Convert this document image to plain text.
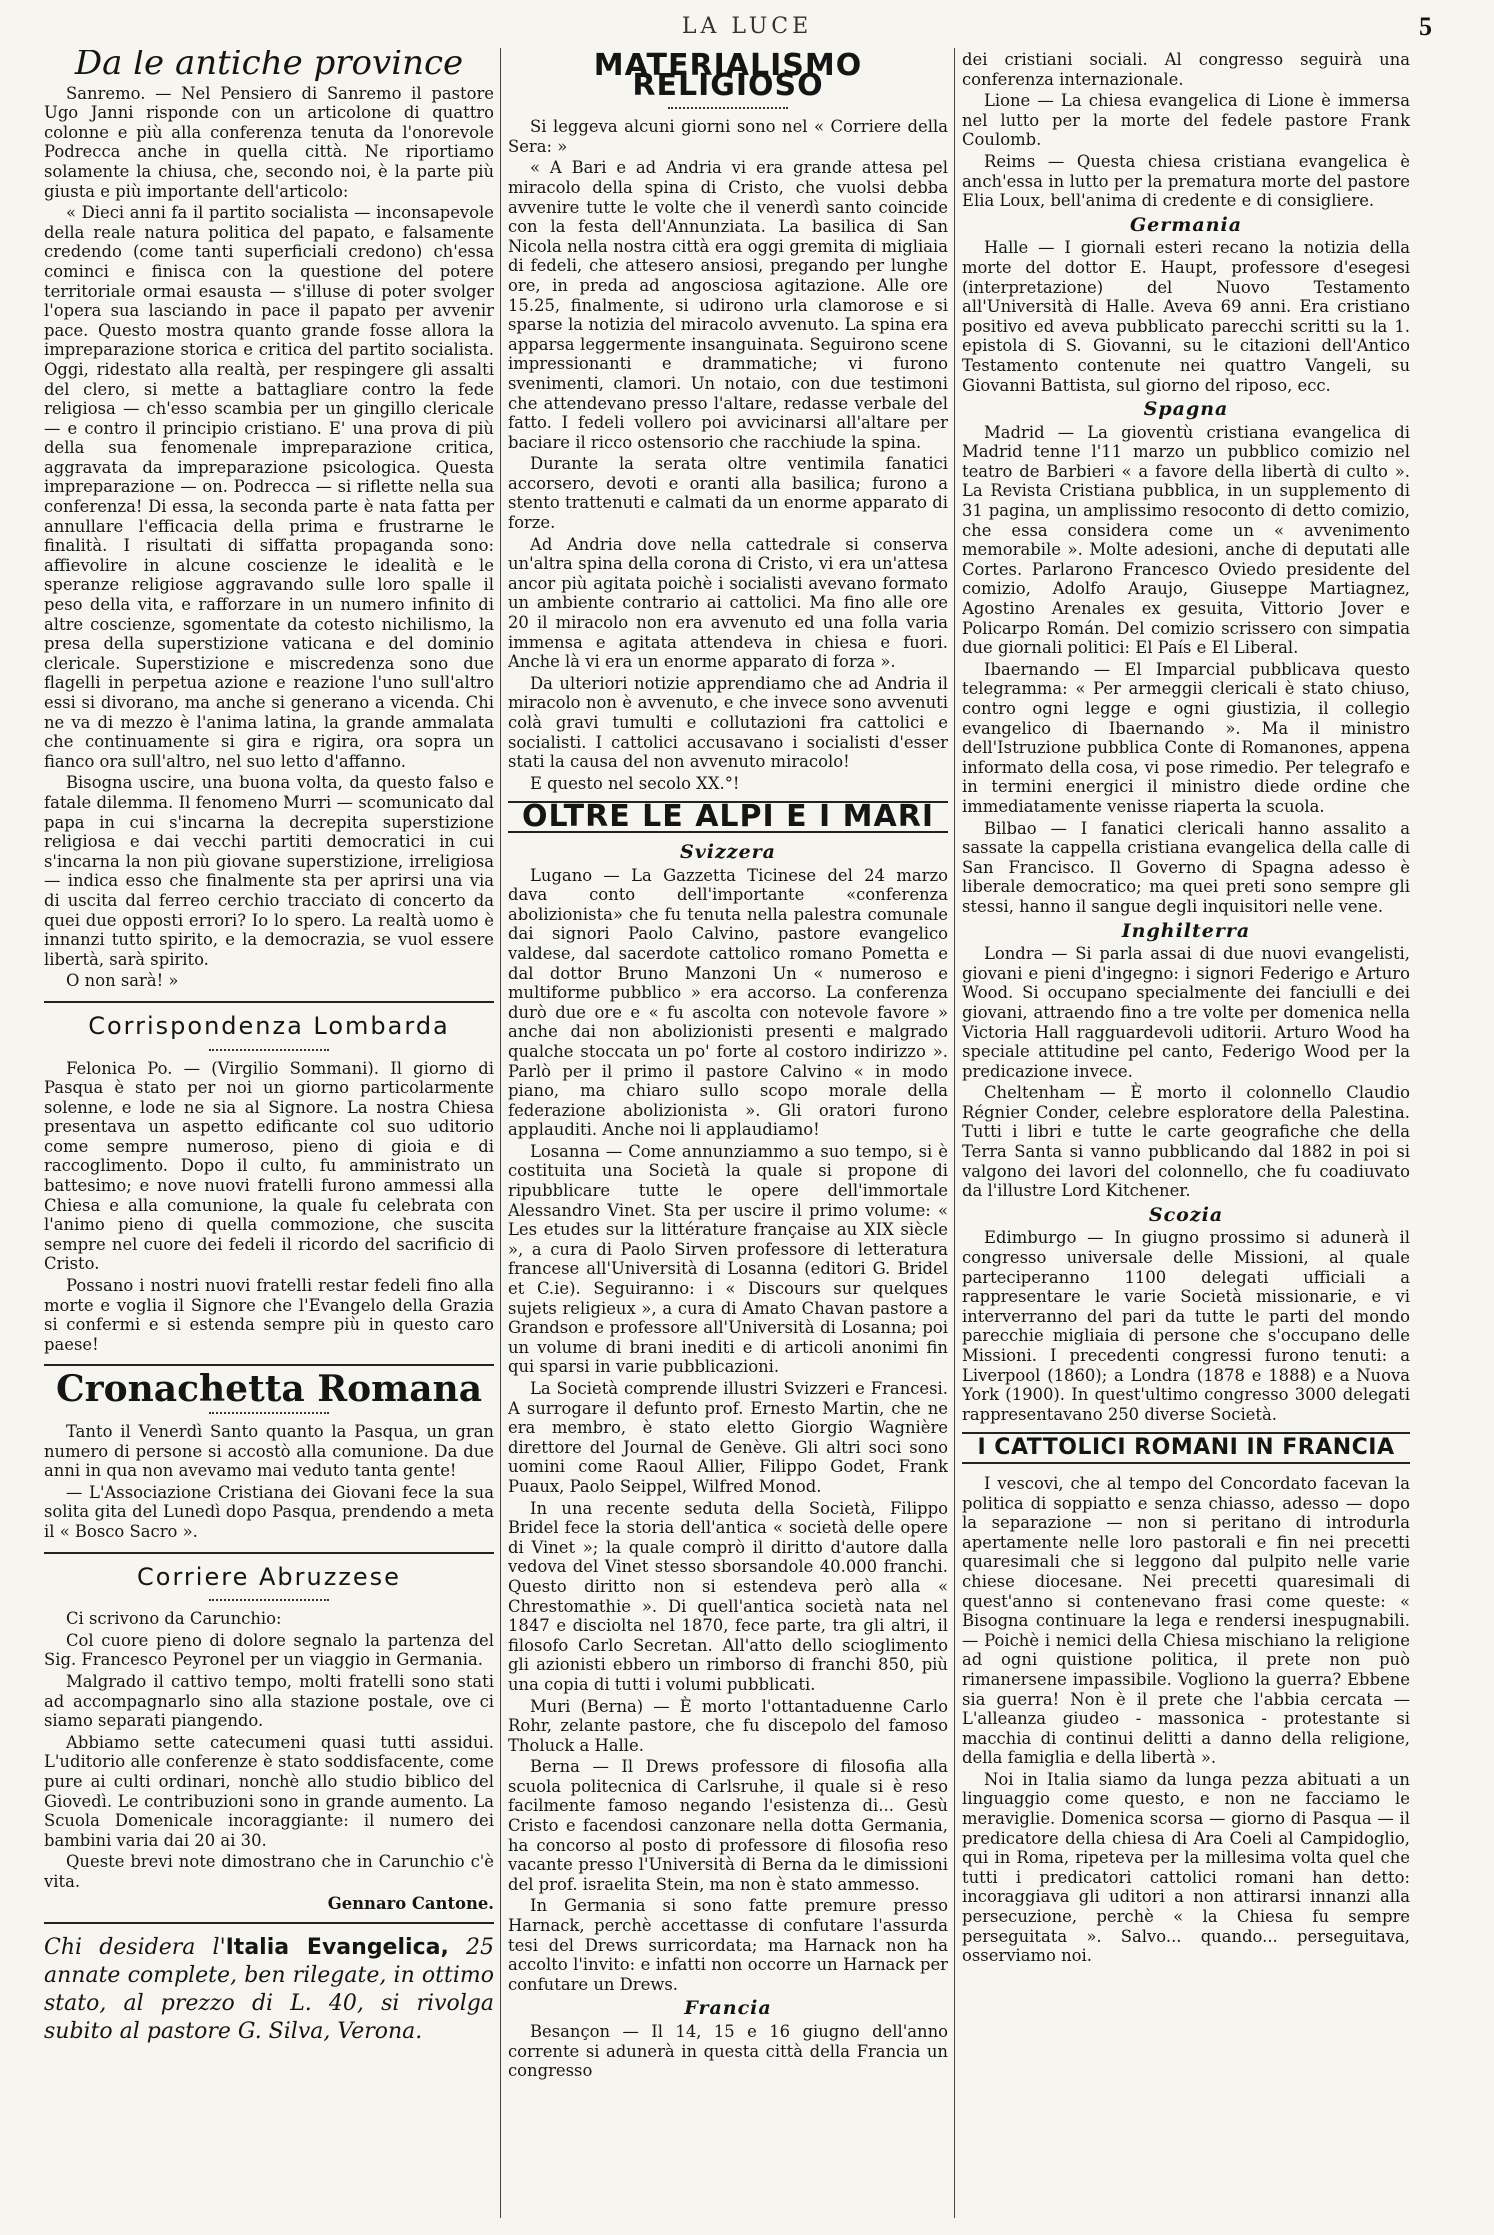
LA LUCE	5
Da le antiche province

Sanremo. — Nel Pensiero di Sanremo il pastore Ugo Janni risponde con un articolone di quattro colonne e più alla conferenza tenuta da l'onorevole Podrecca anche in quella città. Ne riportiamo solamente la chiusa, che, secondo noi, è la parte più giusta e più importante dell'articolo:

« Dieci anni fa il partito socialista — inconsapevole della reale natura politica del papato, e falsamente credendo (come tanti superficiali credono) ch'essa cominci e finisca con la questione del potere territoriale ormai esausta — s'illuse di poter svolger l'opera sua lasciando in pace il papato per avvenir pace. Questo mostra quanto grande fosse allora la impreparazione storica e critica del partito socialista. Oggi, ridestato alla realtà, per respingere gli assalti del clero, si mette a battagliare contro la fede religiosa — ch'esso scambia per un gingillo clericale — e contro il principio cristiano. E' una prova di più della sua fenomenale impreparazione critica, aggravata da impreparazione psicologica. Questa impreparazione — on. Podrecca — si riflette nella sua conferenza! Di essa, la seconda parte è nata fatta per annullare l'efficacia della prima e frustrarne le finalità. I risultati di siffatta propaganda sono: affievolire in alcune coscienze le idealità e le speranze religiose aggravando sulle loro spalle il peso della vita, e rafforzare in un numero infinito di altre coscienze, sgomentate da cotesto nichilismo, la presa della superstizione vaticana e del dominio clericale. Superstizione e miscredenza sono due flagelli in perpetua azione e reazione l'uno sull'altro essi si divorano, ma anche si generano a vicenda. Chi ne va di mezzo è l'anima latina, la grande ammalata che continuamente si gira e rigira, ora sopra un fianco ora sull'altro, nel suo letto d'affanno.

Bisogna uscire, una buona volta, da questo falso e fatale dilemma. Il fenomeno Murri — scomunicato dal papa in cui s'incarna la decrepita superstizione religiosa e dai vecchi partiti democratici in cui s'incarna la non più giovane superstizione, irreligiosa — indica esso che finalmente sta per aprirsi una via di uscita dal ferreo cerchio tracciato di concerto da quei due opposti errori? Io lo spero. La realtà uomo è innanzi tutto spirito, e la democrazia, se vuol essere libertà, sarà spirito.

O non sarà! »

Corrispondenza Lombarda

Felonica Po. — (Virgilio Sommani). Il giorno di Pasqua è stato per noi un giorno particolarmente solenne, e lode ne sia al Signore. La nostra Chiesa presentava un aspetto edificante col suo uditorio come sempre numeroso, pieno di gioia e di raccoglimento. Dopo il culto, fu amministrato un battesimo; e nove nuovi fratelli furono ammessi alla Chiesa e alla comunione, la quale fu celebrata con l'animo pieno di quella commozione, che suscita sempre nel cuore dei fedeli il ricordo del sacrificio di Cristo.

Possano i nostri nuovi fratelli restar fedeli fino alla morte e voglia il Signore che l'Evangelo della Grazia si confermi e si estenda sempre più in questo caro paese!

Cronachetta Romana

Tanto il Venerdì Santo quanto la Pasqua, un gran numero di persone si accostò alla comunione. Da due anni in qua non avevamo mai veduto tanta gente!

— L'Associazione Cristiana dei Giovani fece la sua solita gita del Lunedì dopo Pasqua, prendendo a meta il « Bosco Sacro ».

Corriere Abruzzese

Ci scrivono da Carunchio:

Col cuore pieno di dolore segnalo la partenza del Sig. Francesco Peyronel per un viaggio in Germania.

Malgrado il cattivo tempo, molti fratelli sono stati ad accompagnarlo sino alla stazione postale, ove ci siamo separati piangendo.

Abbiamo sette catecumeni quasi tutti assidui. L'uditorio alle conferenze è stato soddisfacente, come pure ai culti ordinari, nonchè allo studio biblico del Giovedì. Le contribuzioni sono in grande aumento. La Scuola Domenicale incoraggiante: il numero dei bambini varia dai 20 ai 30.

Queste brevi note dimostrano che in Carunchio c'è vita.

Gennaro Cantone.
Chi desidera l'Italia Evangelica, 25 annate complete, ben rilegate, in ottimo stato, al prezzo di L. 40, si rivolga subito al pastore G. Silva, Verona.
MATERIALISMO RELIGIOSO

Si leggeva alcuni giorni sono nel « Corriere della Sera: »

« A Bari e ad Andria vi era grande attesa pel miracolo della spina di Cristo, che vuolsi debba avvenire tutte le volte che il venerdì santo coincide con la festa dell'Annunziata. La basilica di San Nicola nella nostra città era oggi gremita di migliaia di fedeli, che attesero ansiosi, pregando per lunghe ore, in preda ad angosciosa agitazione. Alle ore 15.25, finalmente, si udirono urla clamorose e si sparse la notizia del miracolo avvenuto. La spina era apparsa leggermente insanguinata. Seguirono scene impressionanti e drammatiche; vi furono svenimenti, clamori. Un notaio, con due testimoni che attendevano presso l'altare, redasse verbale del fatto. I fedeli vollero poi avvicinarsi all'altare per baciare il ricco ostensorio che racchiude la spina.

Durante la serata oltre ventimila fanatici accorsero, devoti e oranti alla basilica; furono a stento trattenuti e calmati da un enorme apparato di forze.

Ad Andria dove nella cattedrale si conserva un'altra spina della corona di Cristo, vi era un'attesa ancor più agitata poichè i socialisti avevano formato un ambiente contrario ai cattolici. Ma fino alle ore 20 il miracolo non era avvenuto ed una folla varia immensa e agitata attendeva in chiesa e fuori. Anche là vi era un enorme apparato di forza ».

Da ulteriori notizie apprendiamo che ad Andria il miracolo non è avvenuto, e che invece sono avvenuti colà gravi tumulti e collutazioni fra cattolici e socialisti. I cattolici accusavano i socialisti d'esser stati la causa del non avvenuto miracolo!

E questo nel secolo XX.°!

OLTRE LE ALPI E I MARI
Svizzera

Lugano — La Gazzetta Ticinese del 24 marzo dava conto dell'importante «conferenza abolizionista» che fu tenuta nella palestra comunale dai signori Paolo Calvino, pastore evangelico valdese, dal sacerdote cattolico romano Pometta e dal dottor Bruno Manzoni Un « numeroso e multiforme pubblico » era accorso. La conferenza durò due ore e « fu ascolta con notevole favore » anche dai non abolizionisti presenti e malgrado qualche stoccata un po' forte al costoro indirizzo ». Parlò per il primo il pastore Calvino « in modo piano, ma chiaro sullo scopo morale della federazione abolizionista ». Gli oratori furono applauditi. Anche noi li applaudiamo!

Losanna — Come annunziammo a suo tempo, si è costituita una Società la quale si propone di ripubblicare tutte le opere dell'immortale Alessandro Vinet. Sta per uscire il primo volume: « Les etudes sur la littérature française au XIX siècle », a cura di Paolo Sirven professore di letteratura francese all'Università di Losanna (editori G. Bridel et C.ie). Seguiranno: i « Discours sur quelques sujets religieux », a cura di Amato Chavan pastore a Grandson e professore all'Università di Losanna; poi un volume di brani inediti e di articoli anonimi fin qui sparsi in varie pubblicazioni.

La Società comprende illustri Svizzeri e Francesi. A surrogare il defunto prof. Ernesto Martin, che ne era membro, è stato eletto Giorgio Wagnière direttore del Journal de Genève. Gli altri soci sono uomini come Raoul Allier, Filippo Godet, Frank Puaux, Paolo Seippel, Wilfred Monod.

In una recente seduta della Società, Filippo Bridel fece la storia dell'antica « società delle opere di Vinet »; la quale comprò il diritto d'autore dalla vedova del Vinet stesso sborsandole 40.000 franchi. Questo diritto non si estendeva però alla « Chrestomathie ». Di quell'antica società nata nel 1847 e disciolta nel 1870, fece parte, tra gli altri, il filosofo Carlo Secretan. All'atto dello scioglimento gli azionisti ebbero un rimborso di franchi 850, più una copia di tutti i volumi pubblicati.

Muri (Berna) — È morto l'ottantaduenne Carlo Rohr, zelante pastore, che fu discepolo del famoso Tholuck a Halle.

Berna — Il Drews professore di filosofia alla scuola politecnica di Carlsruhe, il quale si è reso facilmente famoso negando l'esistenza di... Gesù Cristo e facendosi canzonare nella dotta Germania, ha concorso al posto di professore di filosofia reso vacante presso l'Università di Berna da le dimissioni del prof. israelita Stein, ma non è stato ammesso.

In Germania si sono fatte premure presso Harnack, perchè accettasse di confutare l'assurda tesi del Drews surricordata; ma Harnack non ha accolto l'invito: e infatti non occorre un Harnack per confutare un Drews.

Francia

Besançon — Il 14, 15 e 16 giugno dell'anno corrente si adunerà in questa città della Francia un congresso

dei cristiani sociali. Al congresso seguirà una conferenza internazionale.

Lione — La chiesa evangelica di Lione è immersa nel lutto per la morte del fedele pastore Frank Coulomb.

Reims — Questa chiesa cristiana evangelica è anch'essa in lutto per la prematura morte del pastore Elia Loux, bell'anima di credente e di consigliere.

Germania

Halle — I giornali esteri recano la notizia della morte del dottor E. Haupt, professore d'esegesi (interpretazione) del Nuovo Testamento all'Università di Halle. Aveva 69 anni. Era cristiano positivo ed aveva pubblicato parecchi scritti su la 1. epistola di S. Giovanni, su le citazioni dell'Antico Testamento contenute nei quattro Vangeli, su Giovanni Battista, sul giorno del riposo, ecc.

Spagna

Madrid — La gioventù cristiana evangelica di Madrid tenne l'11 marzo un pubblico comizio nel teatro de Barbieri « a favore della libertà di culto ». La Revista Cristiana pubblica, in un supplemento di 31 pagina, un amplissimo resoconto di detto comizio, che essa considera come un « avvenimento memorabile ». Molte adesioni, anche di deputati alle Cortes. Parlarono Francesco Oviedo presidente del comizio, Adolfo Araujo, Giuseppe Martiagnez, Agostino Arenales ex gesuita, Vittorio Jover e Policarpo Román. Del comizio scrissero con simpatia due giornali politici: El País e El Liberal.

Ibaernando — El Imparcial pubblicava questo telegramma: « Per armeggii clericali è stato chiuso, contro ogni legge e ogni giustizia, il collegio evangelico di Ibaernando ». Ma il ministro dell'Istruzione pubblica Conte di Romanones, appena informato della cosa, vi pose rimedio. Per telegrafo e in termini energici il ministro diede ordine che immediatamente venisse riaperta la scuola.

Bilbao — I fanatici clericali hanno assalito a sassate la cappella cristiana evangelica della calle di San Francisco. Il Governo di Spagna adesso è liberale democratico; ma quei preti sono sempre gli stessi, hanno il sangue degli inquisitori nelle vene.

Inghilterra

Londra — Si parla assai di due nuovi evangelisti, giovani e pieni d'ingegno: i signori Federigo e Arturo Wood. Si occupano specialmente dei fanciulli e dei giovani, attraendo fino a tre volte per domenica nella Victoria Hall ragguardevoli uditorii. Arturo Wood ha speciale attitudine pel canto, Federigo Wood per la predicazione invece.

Cheltenham — È morto il colonnello Claudio Régnier Conder, celebre esploratore della Palestina. Tutti i libri e tutte le carte geografiche che della Terra Santa si vanno pubblicando dal 1882 in poi si valgono dei lavori del colonnello, che fu coadiuvato da l'illustre Lord Kitchener.

Scozia

Edimburgo — In giugno prossimo si adunerà il congresso universale delle Missioni, al quale parteciperanno 1100 delegati ufficiali a rappresentare le varie Società missionarie, e vi interverranno del pari da tutte le parti del mondo parecchie migliaia di persone che s'occupano delle Missioni. I precedenti congressi furono tenuti: a Liverpool (1860); a Londra (1878 e 1888) e a Nuova York (1900). In quest'ultimo congresso 3000 delegati rappresentavano 250 diverse Società.

I CATTOLICI ROMANI IN FRANCIA

I vescovi, che al tempo del Concordato facevan la politica di soppiatto e senza chiasso, adesso — dopo la separazione — non si peritano di introdurla apertamente nelle loro pastorali e fin nei precetti quaresimali che si leggono dal pulpito nelle varie chiese diocesane. Nei precetti quaresimali di quest'anno si contenevano frasi come queste: « Bisogna continuare la lega e rendersi inespugnabili. — Poichè i nemici della Chiesa mischiano la religione ad ogni quistione politica, il prete non può rimanersene impassibile. Vogliono la guerra? Ebbene sia guerra! Non è il prete che l'abbia cercata — L'alleanza giudeo - massonica - protestante si macchia di continui delitti a danno della religione, della famiglia e della libertà ».

Noi in Italia siamo da lunga pezza abituati a un linguaggio come questo, e non ne facciamo le meraviglie. Domenica scorsa — giorno di Pasqua — il predicatore della chiesa di Ara Coeli al Campidoglio, qui in Roma, ripeteva per la millesima volta quel che tutti i predicatori cattolici romani han detto: incoraggiava gli uditori a non attirarsi innanzi alla persecuzione, perchè « la Chiesa fu sempre perseguitata ». Salvo... quando... perseguitava, osserviamo noi.
